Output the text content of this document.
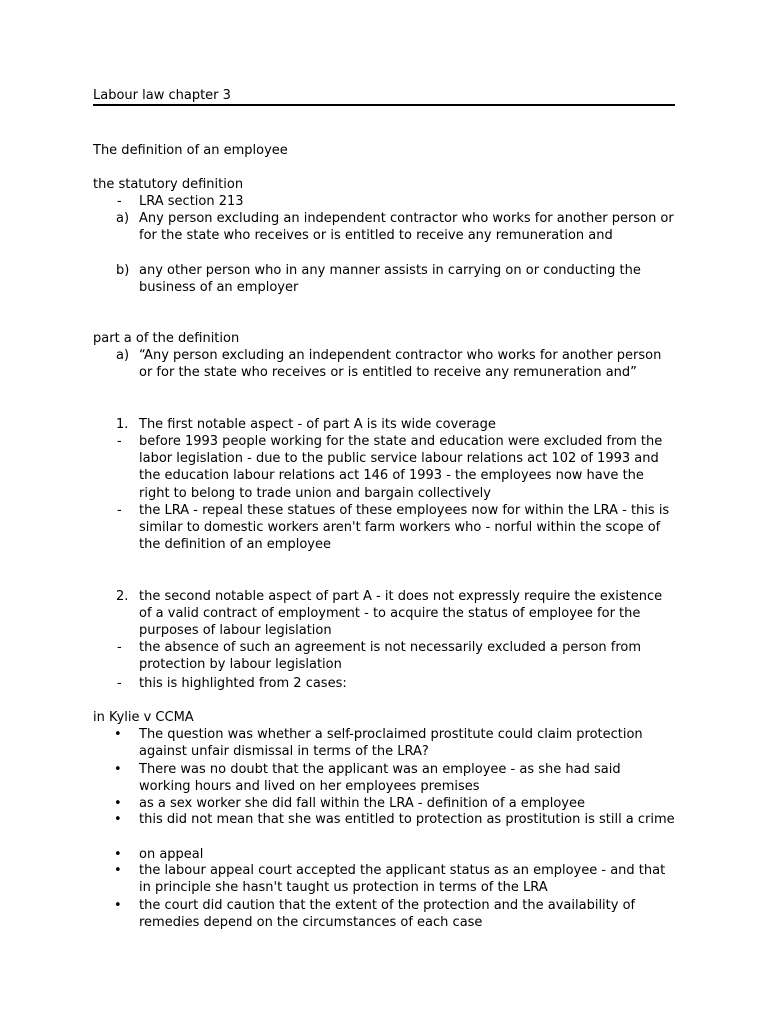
Labour law chapter 3
The definition of an employee
the statutory definition
-	LRA section 213
a) Any person excluding an independent contractor who works for another person or for the state who receives or is entitled to receive any remuneration and
b) any other person who in any manner assists in carrying on or conducting the business of an employer
part a of the definition
a) “Any person excluding an independent contractor who works for another person or for the state who receives or is entitled to receive any remuneration and”
1. The first notable aspect - of part A is its wide coverage
-	before 1993 people working for the state and education were excluded from the labor legislation - due to the public service labour relations act 102 of 1993 and the education labour relations act 146 of 1993 - the employees now have the right to belong to trade union and bargain collectively
-	the LRA - repeal these statues of these employees now for within the LRA - this is similar to domestic workers aren't farm workers who - norful within the scope of the definition of an employee
2. the second notable aspect of part A - it does not expressly require the existence of a valid contract of employment - to acquire the status of employee for the purposes of labour legislation
-	the absence of such an agreement is not necessarily excluded a person from protection by labour legislation
-	this is highlighted from 2 cases:
in Kylie v CCMA
•	The question was whether a self-proclaimed prostitute could claim protection against unfair dismissal in terms of the LRA?
•	There was no doubt that the applicant was an employee - as she had said working hours and lived on her employees premises
•	as a sex worker she did fall within the LRA - definition of a employee
•	this did not mean that she was entitled to protection as prostitution is still a crime
•	on appeal
•	the labour appeal court accepted the applicant status as an employee - and that in principle she hasn't taught us protection in terms of the LRA
•	the court did caution that the extent of the protection and the availability of remedies depend on the circumstances of each case
